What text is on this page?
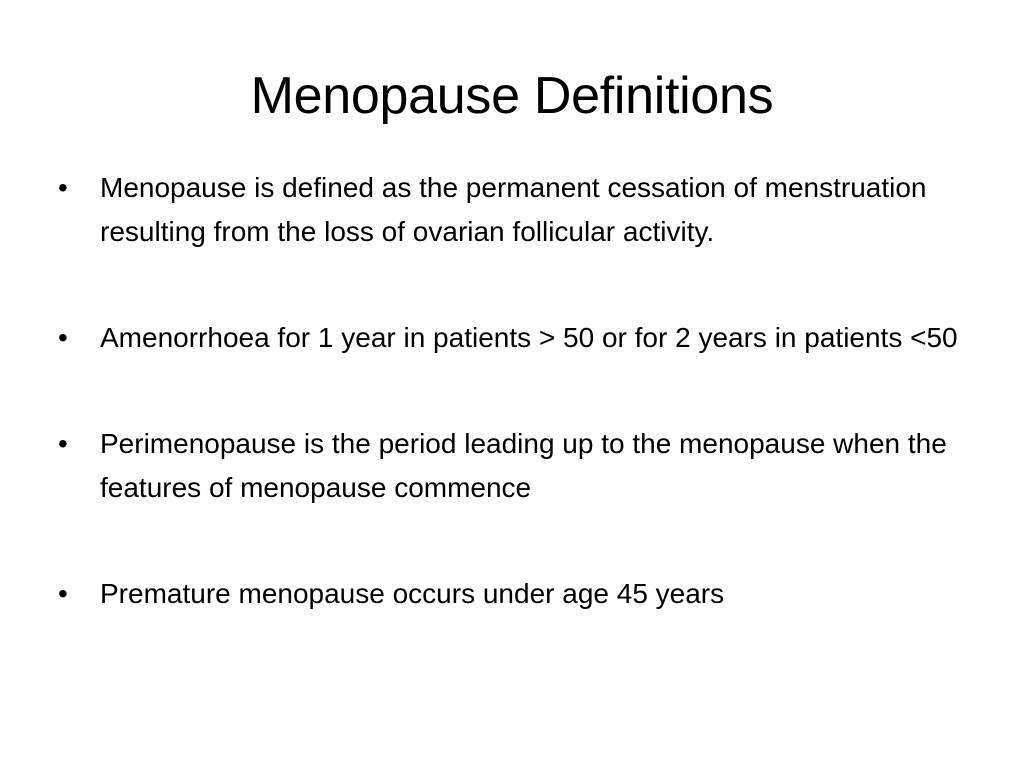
Menopause Definitions
•	Menopause is defined as the permanent cessation of menstruation resulting from the loss of ovarian follicular activity.
•	Amenorrhoea for 1 year in patients > 50 or for 2 years in patients <50
•	Perimenopause is the period leading up to the menopause when the features of menopause commence
•	Premature menopause occurs under age 45 years
